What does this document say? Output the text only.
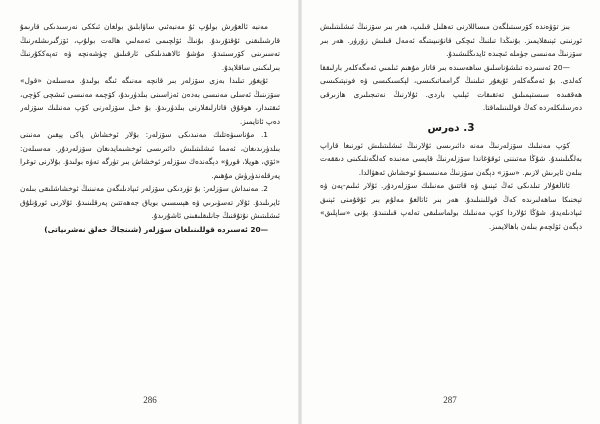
مەنبە ئالغۇرش بولۇپ ئۇ مەنبەئىي ساۋابلىق بولغان ئىككى نەرسىدىكى قارىمۇ قارشىلىقنى ئۇقتۇرىدۇ. بۇنىڭ ئۆلچىمى ئەمەلىي ھالەت بولۇپ، ئۆزگىرىشلەرنىڭ تەسىرىنى كۆرسىتىدۇ. مۇشۇ ئالاھىدىلىكى ئارقىلىق چۈشەنچە ۋە تەپەككۇرنىڭ بىرلىكىنى ساقلايدۇ.

ئۇيغۇر تىلىدا بەزى سۆزلەر بىر قانچە مەنىگە ئىگە بولىدۇ. مەسىلەن «قول» سۆزىنىڭ ئەسلى مەنىسى بەدەن ئەزاسىنى بىلدۈرىدۇ، كۆچمە مەنىسى ئىشچى كۈچى، ئىقتىدار، ھوقۇق قاتارلىقلارنى بىلدۈرىدۇ. بۇ خىل سۆزلەرنى كۆپ مەنىلىك سۆزلەر دەپ ئاتايمىز.

1. مۇناسىۋەتلىك مەنىدىكى سۆزلەر: بۇلار ئوخشاش ياكى يېقىن مەنىنى بىلدۈرىدىغان، ئەمما ئىشلىتىلىش دائىرىسى ئوخشىمايدىغان سۆزلەردۇر. مەسىلەن: «ئۆي، ھويلا، قورۇ» دېگەندەك سۆزلەر ئوخشاش بىر تۈرگە تەۋە بولىدۇ. بۇلارنى توغرا پەرقلەندۈرۈش مۇھىم.

2. مەنىداش سۆزلەر: بۇ تۈردىكى سۆزلەر ئىپادىلىگەن مەنىنىڭ ئوخشاشلىقى بىلەن ئايرىلىدۇ. ئۇلار تەسۋىرىي ۋە ھېسسىي بوياق جەھەتتىن پەرقلىنىدۇ. ئۇلارنى ئورۇنلۇق ئىشلىتىش نۇتۇقنىڭ جانلىقلىقىنى ئاشۇرىدۇ.

—20 ئەسىردە قوللىنىلغان سۆزلەر (شىنجاڭ خەلق نەشرىياتى)

بىز تۆۋەندە كۆرسىتىلگەن مىساللارنى تەھلىل قىلىپ، ھەر بىر سۆزنىڭ ئىشلىتىلىش ئورنىنى ئېنىقلايمىز. بۇنىڭدا تىلنىڭ ئىچكى قانۇنىيىتىگە ئەمەل قىلىش زۆرۈر. ھەر بىر سۆزنىڭ مەنىسى جۈملە ئىچىدە ئايدىڭلىشىدۇ.

—20 ئەسىردە تىلشۇناسلىق ساھەسىدە بىر قاتار مۇھىم ئىلمىي ئەمگەكلەر بارلىققا كەلدى. بۇ ئەمگەكلەر ئۇيغۇر تىلىنىڭ گرامماتىكىسى، لېكسىكىسى ۋە فونېتىكىسى ھەققىدە سىستېمىلىق تەتقىقات ئېلىپ باردى. ئۇلارنىڭ نەتىجىلىرى ھازىرقى دەرسلىكلەردە كەڭ قوللىنىلماقتا.

3. دەرس

كۆپ مەنىلىك سۆزلەرنىڭ مەنە دائىرىسى ئۇلارنىڭ ئىشلىتىلىش ئورنىغا قاراپ بەلگىلىنىدۇ. شۇڭا مەتىننى ئوقۇغاندا سۆزلەرنىڭ قايسى مەنىدە كەلگەنلىكىنى دىققەت بىلەن ئايرىش لازىم. «سۆز» دېگەن سۆزنىڭ مەنىسىمۇ ئوخشاش ئەھۋالدا.

ئاتالغۇلار تىلدىكى ئەڭ ئېنىق ۋە قاتتىق مەنىلىك سۆزلەردۇر. ئۇلار ئىلىم-پەن ۋە تېخنىكا ساھەلىرىدە كەڭ قوللىنىلىدۇ. ھەر بىر ئاتالغۇ مەلۇم بىر ئۇقۇمنى ئېنىق ئىپادىلەيدۇ، شۇڭا ئۇلاردا كۆپ مەنىلىك بولماسلىقى تەلەپ قىلىنىدۇ. بۇنى «ساپلىق» دېگەن ئۆلچەم بىلەن باھالايمىز.

286	287
